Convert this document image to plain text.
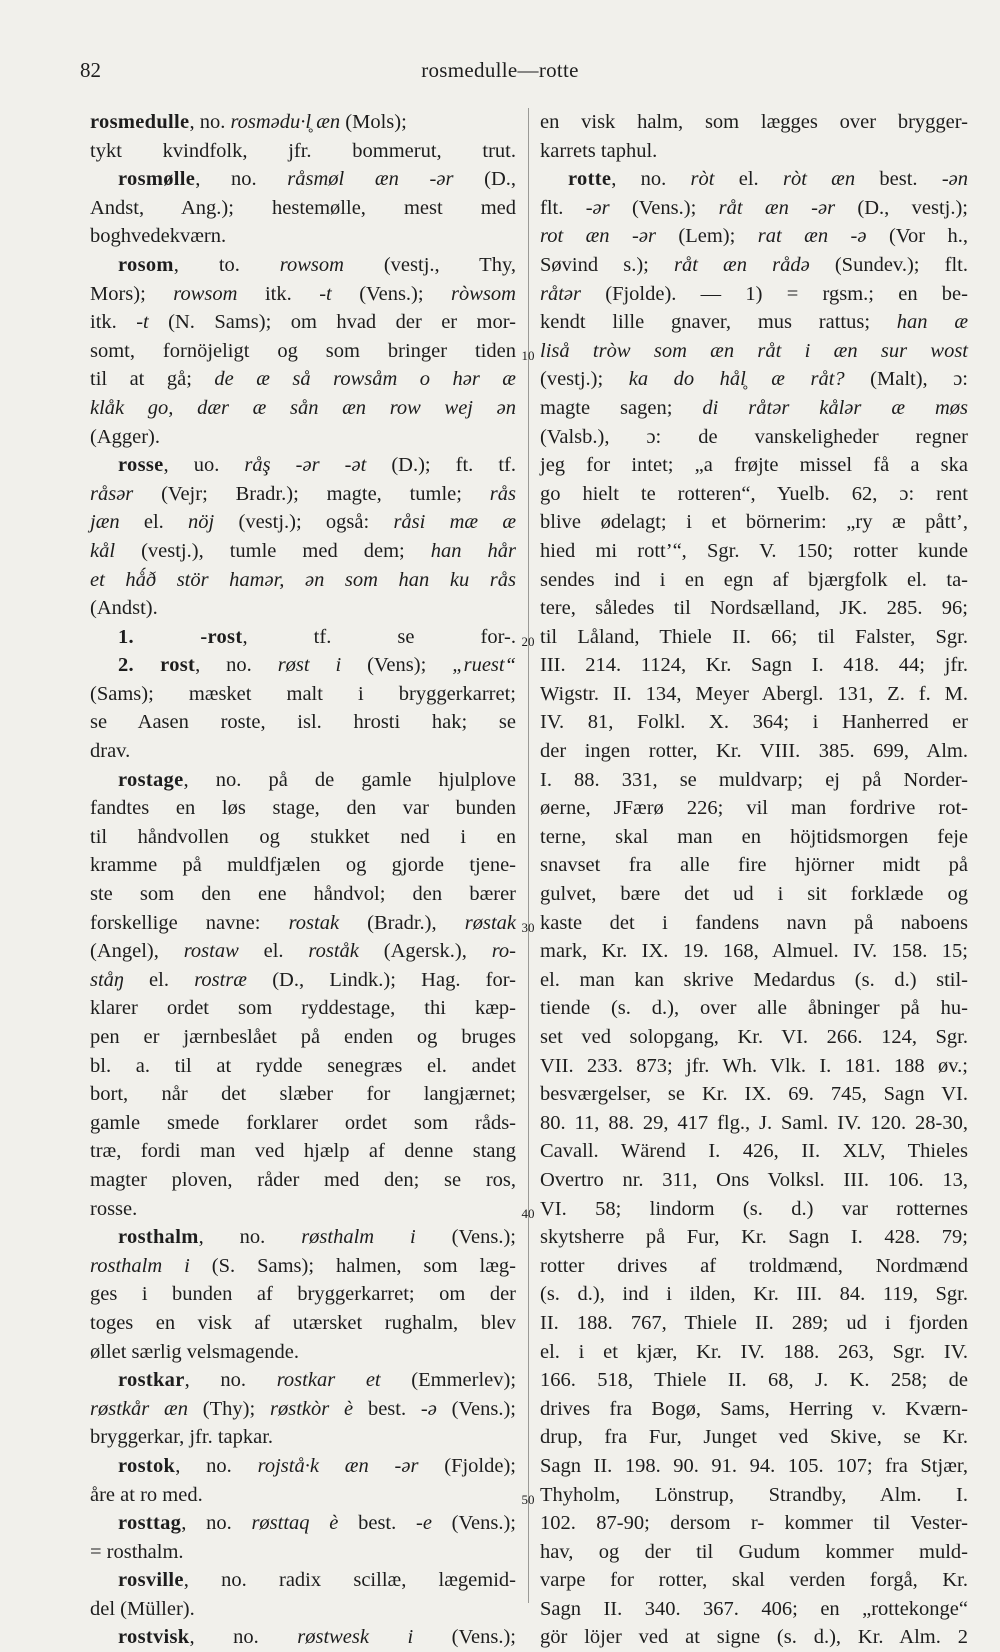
82	rosmedulle—rotte
rosmedulle, no. rosmədu·l̥ æn (Mols);
tykt kvindfolk, jfr. bommerut, trut.
rosmølle, no. råsmøl æn -ər (D.,
Andst, Ang.); hestemølle, mest med
boghvedekværn.
rosom, to. rowsom (vestj., Thy,
Mors); rowsom itk. -t (Vens.); ròwsom
itk. -t (N. Sams); om hvad der er mor-
somt, fornöjeligt og som bringer tiden
til at gå; de æ så rowsåm o hər æ
klåk go, dær æ sån æn row wej ən
(Agger).
rosse, uo. råş -ər -ət (D.); ft. tf.
råsər (Vejr; Bradr.); magte, tumle; rås
jæn el. nöj (vestj.); også: råsi mæ æ
kål (vestj.), tumle med dem; han hår
et hǻð stör hamər, ən som han ku rås
(Andst).
1. -rost, tf. se for-.
2. rost, no. røst i (Vens); „ruest“
(Sams); mæsket malt i bryggerkarret;
se Aasen roste, isl. hrosti hak; se
drav.
rostage, no. på de gamle hjulplove
fandtes en løs stage, den var bunden
til håndvollen og stukket ned i en
kramme på muldfjælen og gjorde tjene-
ste som den ene håndvol; den bærer
forskellige navne: rostak (Bradr.), røstak
(Angel), rostaw el. roståk (Agersk.), ro-
ståŋ el. rostræ (D., Lindk.); Hag. for-
klarer ordet som ryddestage, thi kæp-
pen er jærnbeslået på enden og bruges
bl. a. til at rydde senegræs el. andet
bort, når det slæber for langjærnet;
gamle smede forklarer ordet som råds-
træ, fordi man ved hjælp af denne stang
magter ploven, råder med den; se ros,
rosse.
rosthalm, no. røsthalm i (Vens.);
rosthalm i (S. Sams); halmen, som læg-
ges i bunden af bryggerkarret; om der
toges en visk af utærsket rughalm, blev
øllet særlig velsmagende.
rostkar, no. rostkar et (Emmerlev);
røstkår æn (Thy); røstkòr è best. -ə (Vens.);
bryggerkar, jfr. tapkar.
rostok, no. rojstå·k æn -ər (Fjolde);
åre at ro med.
rosttag, no. røsttaq è best. -e (Vens.);
= rosthalm.
rosville, no. radix scillæ, lægemid-
del (Müller).
rostvisk, no. røstwesk i (Vens.);
en visk halm, som lægges over brygger-
karrets taphul.
rotte, no. ròt el. ròt æn best. -ən
flt. -ər (Vens.); råt æn -ər (D., vestj.);
rot æn -ər (Lem); rat æn -ə (Vor h.,
Søvind s.); råt æn rådə (Sundev.); flt.
råtər (Fjolde). — 1) = rgsm.; en be-
kendt lille gnaver, mus rattus; han æ
liså tròw som æn råt i æn sur wost
(vestj.); ka do hål̥ æ råt? (Malt), ɔ:
magte sagen; di råtər kålər æ møs
(Valsb.), ɔ: de vanskeligheder regner
jeg for intet; „a frøjte missel få a ska
go hielt te rotteren“, Yuelb. 62, ɔ: rent
blive ødelagt; i et börnerim: „ry æ pått’,
hied mi rott’“, Sgr. V. 150; rotter kunde
sendes ind i en egn af bjærgfolk el. ta-
tere, således til Nordsælland, JK. 285. 96;
til Låland, Thiele II. 66; til Falster, Sgr.
III. 214. 1124, Kr. Sagn I. 418. 44; jfr.
Wigstr. II. 134, Meyer Abergl. 131, Z. f. M.
IV. 81, Folkl. X. 364; i Hanherred er
der ingen rotter, Kr. VIII. 385. 699, Alm.
I. 88. 331, se muldvarp; ej på Norder-
øerne, JFærø 226; vil man fordrive rot-
terne, skal man en höjtidsmorgen feje
snavset fra alle fire hjörner midt på
gulvet, bære det ud i sit forklæde og
kaste det i fandens navn på naboens
mark, Kr. IX. 19. 168, Almuel. IV. 158. 15;
el. man kan skrive Medardus (s. d.) stil-
tiende (s. d.), over alle åbninger på hu-
set ved solopgang, Kr. VI. 266. 124, Sgr.
VII. 233. 873; jfr. Wh. Vlk. I. 181. 188 øv.;
besværgelser, se Kr. IX. 69. 745, Sagn VI.
80. 11, 88. 29, 417 flg., J. Saml. IV. 120. 28-30,
Cavall. Wärend I. 426, II. XLV, Thieles
Overtro nr. 311, Ons Volksl. III. 106. 13,
VI. 58; lindorm (s. d.) var rotternes
skytsherre på Fur, Kr. Sagn I. 428. 79;
rotter drives af troldmænd, Nordmænd
(s. d.), ind i ilden, Kr. III. 84. 119, Sgr.
II. 188. 767, Thiele II. 289; ud i fjorden
el. i et kjær, Kr. IV. 188. 263, Sgr. IV.
166. 518, Thiele II. 68, J. K. 258; de
drives fra Bogø, Sams, Herring v. Kværn-
drup, fra Fur, Junget ved Skive, se Kr.
Sagn II. 198. 90. 91. 94. 105. 107; fra Stjær,
Thyholm, Lönstrup, Strandby, Alm. I.
102. 87-90; dersom r- kommer til Vester-
hav, og der til Gudum kommer muld-
varpe for rotter, skal verden forgå, Kr.
Sagn II. 340. 367. 406; en „rottekonge“
gör löjer ved at signe (s. d.), Kr. Alm. 2
10
20
30
40
50
